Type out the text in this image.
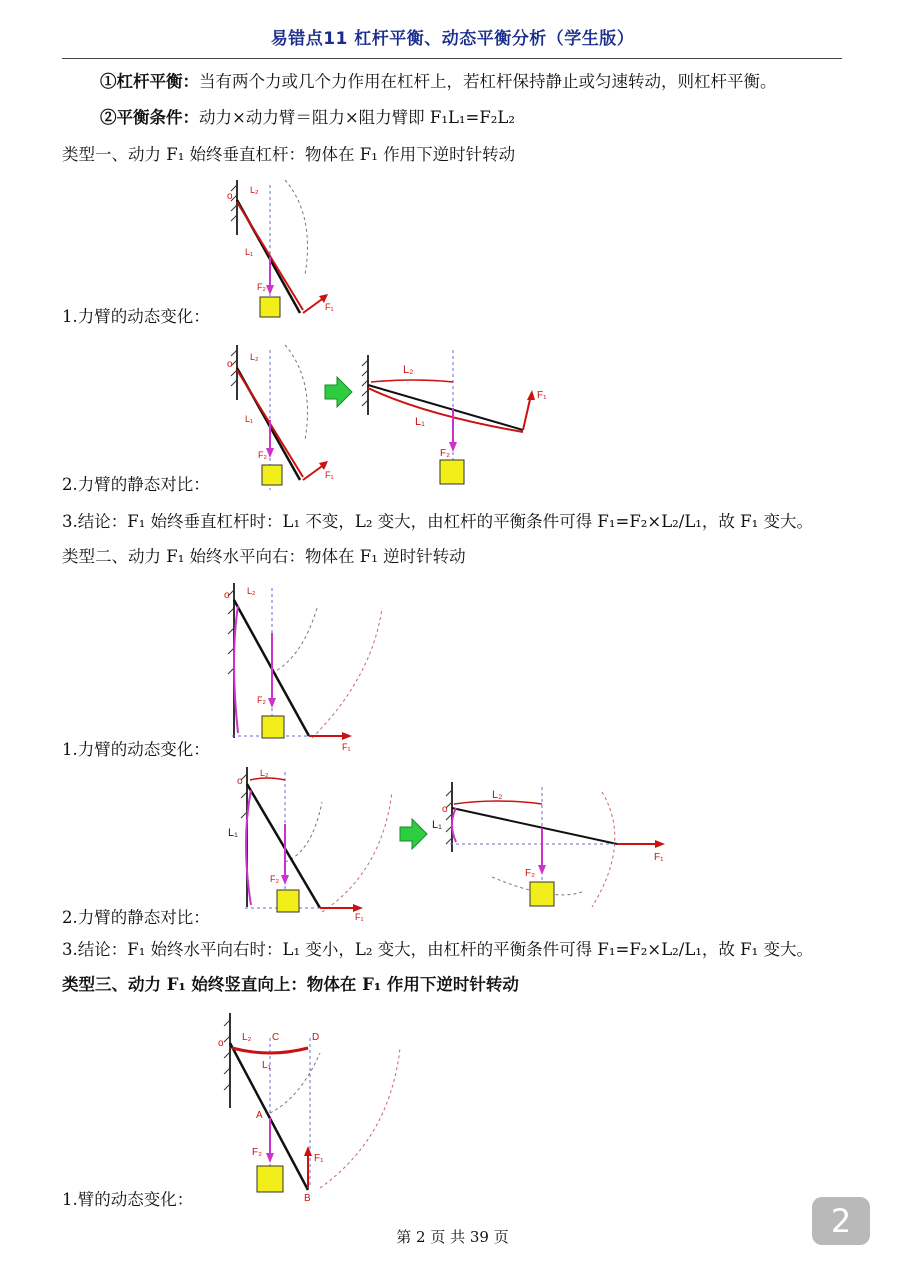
易错点11 杠杆平衡、动态平衡分析（学生版）
①杠杆平衡：当有两个力或几个力作用在杠杆上，若杠杆保持静止或匀速转动，则杠杆平衡。
②平衡条件：动力×动力臂＝阻力×阻力臂即 F₁L₁=F₂L₂
类型一、动力 F₁ 始终垂直杠杆：物体在 F₁ 作用下逆时针转动
o
L₂
L₁
F₂
F₁
1.力臂的动态变化：
o
L₂
L₁
F₂
F₁
L₂
L₁
F₂
F₁
2.力臂的静态对比：
3.结论：F₁ 始终垂直杠杆时：L₁ 不变，L₂ 变大，由杠杆的平衡条件可得 F₁=F₂×L₂/L₁，故 F₁ 变大。
类型二、动力 F₁ 始终水平向右：物体在 F₁ 逆时针转动
o L₂
F₂
F₁
1.力臂的动态变化：
o
L₂
L₁
F₂
F₁
o
L₂
L₁
F₂
F₁
2.力臂的静态对比：
3.结论：F₁ 始终水平向右时：L₁ 变小，L₂ 变大，由杠杆的平衡条件可得 F₁=F₂×L₂/L₁，故 F₁ 变大。
类型三、动力 F₁ 始终竖直向上：物体在 F₁ 作用下逆时针转动
o
L₂ C	D
L₁
A
B
F₂
F₁
1.臂的动态变化：
第 2 页 共 39 页	2
